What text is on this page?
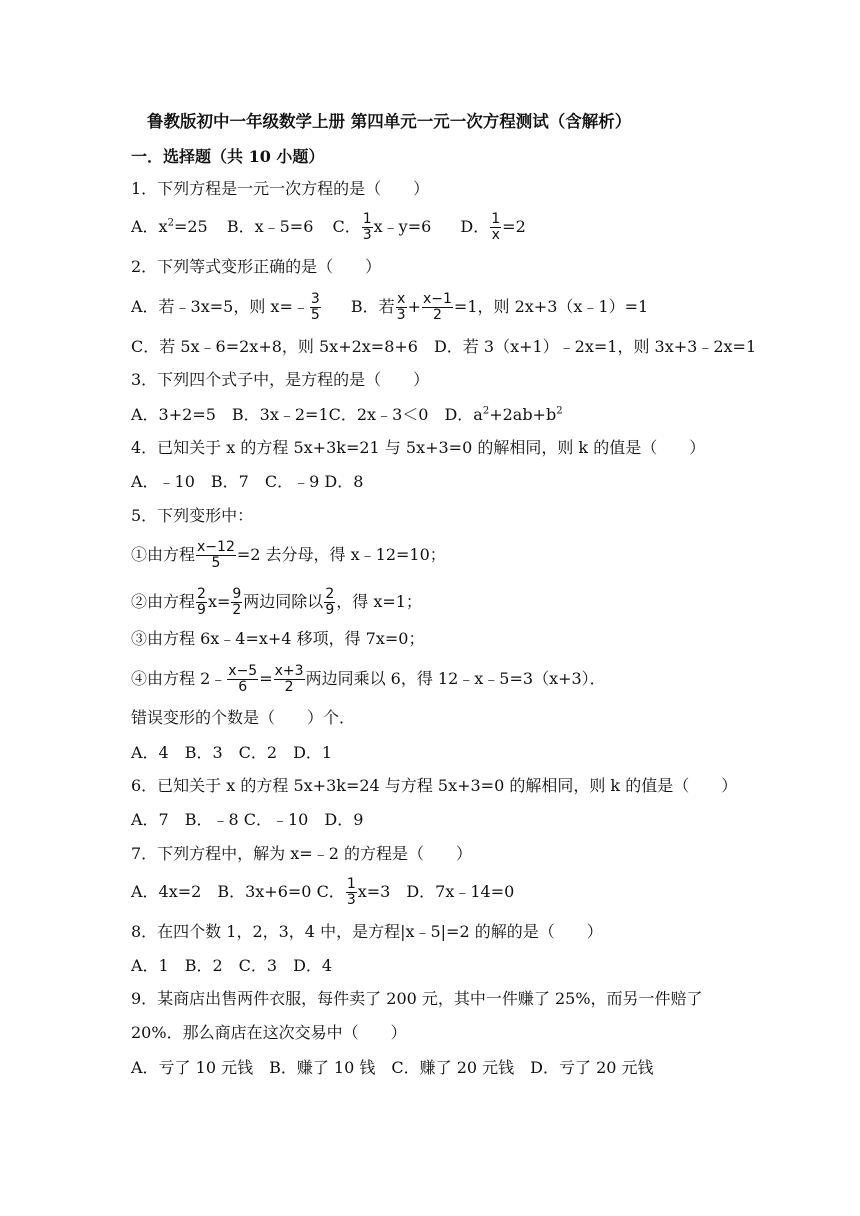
鲁教版初中一年级数学上册 第四单元一元一次方程测试（含解析）
一．选择题（共 10 小题）
1．下列方程是一元一次方程的是（　　）
A．$x^2=25$ B．x﹣5=6 C． $\frac{1}{3}$ x﹣y=6 D． $\frac{1}{x} =2$
2．下列等式变形正确的是（　　）
A．若﹣3x=5，则 x=﹣ $\frac{3}{5}$ B．若 $\frac{x}{3} + \frac{x-1}{2} =1$，则 2x+3（x﹣1）=1
C．若 5x﹣6=2x+8，则 5x+2x=8+6　D．若 3（x+1）﹣2x=1，则 3x+3﹣2x=1
3．下列四个式子中，是方程的是（　　）
A．3+2=5　B．3x﹣2=1C．2x﹣3＜0　D．$a^2+2ab+b^2$
4．已知关于 x 的方程 5x+3k=21 与 5x+3=0 的解相同，则 k 的值是（　　）
A．﹣10　B．7　C．﹣9 D．8
5．下列变形中：
①由方程 $\frac{x-12}{5} =2$ 去分母，得 x﹣12=10；
②由方程 $\frac{2}{9} x= \frac{9}{2}$ 两边同除以 $\frac{2}{9}$ ，得 x=1；
③由方程 6x﹣4=x+4 移项，得 7x=0；
④由方程 2﹣ $\frac{x-5}{6} = \frac{x+3}{2}$ 两边同乘以 6，得 12﹣x﹣5=3（x+3）．
错误变形的个数是（　　）个．
A．4　B．3　C．2　D．1
6．已知关于 x 的方程 5x+3k=24 与方程 5x+3=0 的解相同，则 k 的值是（　　）
A．7　B．﹣8 C．﹣10　D．9
7．下列方程中，解为 x=﹣2 的方程是（　　）
A．4x=2　B．3x+6=0 C． $\frac{1}{3} x=3$　D．7x﹣14=0
8．在四个数 1，2，3，4 中，是方程|x﹣5|=2 的解的是（　　）
A．1　B．2　C．3　D．4
9．某商店出售两件衣服，每件卖了 200 元，其中一件赚了 25%，而另一件赔了
20%．那么商店在这次交易中（　　）
A．亏了 10 元钱　B．赚了 10 钱　C．赚了 20 元钱　D．亏了 20 元钱
